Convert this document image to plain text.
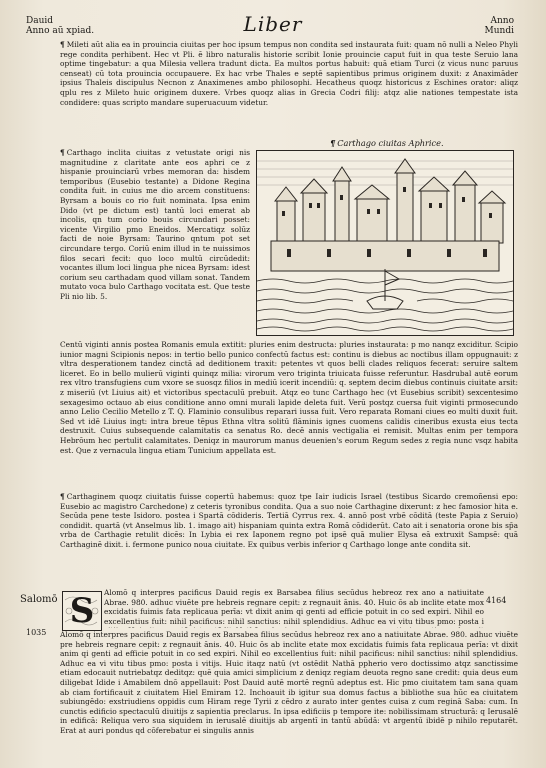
Dauid
Anno aū xpiad.	Liber	Anno
Mundi
¶ Mileti aūt alia ea in prouincia ciuitas per hoc ipsum tempus non condita sed instaurata fuit: quam nō nulli a Neleo Phyli rege condita perhibent. Hec vt Pli. ē libro naturalis historie scribit Ionie prouincie caput fuit in qua teste Seruio lana optime tingebatur: a qua Milesia vellera tradunt dicta. Ea multos portus habuit: quā etiam Turci (z vicus nunc paruus censeat) cū tota prouincia occupauere. Ex hac vrbe Thales e septē sapientibus primus originem duxit: z Anaximāder ipsius Thaleis discipulus Necnon z Anaximenes ambo philosophi. Hecatheus quoqz historicus z Eschines orator: aliqz qplu res z Mileto huic originem duxere. Vrbes quoqz alias in Grecia Codri filij: atqz alie nationes tempestate ista condidere: quas scripto mandare superuacuum videtur.
¶ Carthago ciuitas Aphrice.
¶ Carthago inclita ciuitas z vetustate origi nis magnitudine z claritate ante eos aphri ce z hispanie prouinciarū vrbes memoran da: hisdem temporibus (Eusebio testante) a Didone Regina condita fuit. in cuius me dio arcem constituens: Byrsam a bouis co rio fuit nominata. Ipsa enim Dido (vt pe dictum est) tantū loci emerat ab incolis, qn tum corio bouis circundari posset: vicente Virgilio pmo Eneidos. Mercatiqz solūz facti de noie Byrsam: Taurino qntum pot set circundare tergo. Coriū enim illud in te nuissimos filos secari fecit: quo loco multū circūdedit: vocantes illum loci lingua phe nicea Byrsam: idest corium seu carthadam quod villam sonat. Tandem mutato voca bulo Carthago vocitata est. Que teste Pli nio lib. 5.
Centū viginti annis postea Romanis emula extitit: pluries enim destructa: pluries instaurata: p mo nanqz exciditur. Scipio iunior magni Scipionis nepos: in tertio bello punico confectū factus est: continu is diebus ac noctibus illam oppugnauit: z vltra desperationem tandez cinctā ad deditionem traxit: petentes vt quos belli clades reliquos fecerat: seruire saltem liceret. Eo in bello mulierū viginti quinqz milia: virorum vero triginta triuicata fuisse referuntur. Hasdrubal autē eorum rex vltro transfugiens cum vxore se suosqz filios in mediū icerit incendiū: q. septem decim diebus continuis ciuitate arsit: z miseriū (vt Liuius ait) et victoribus spectaculū prebuit. Atqz eo tunc Carthago hec (vt Eusebius scribit) sexcentesimo sexagesimo octauo ab eius conditione anno omni murali lapide deleta fuit. Verū postqz cuersa fuit viginti prmosecundo anno Lelio Cecilio Metello z T. Q. Flaminio consulibus reparari iussa fuit. Vero reparata Romani ciues eo multi duxit fuit. Sed vt idē Liuius ingt: intra breue tēpus Ethna vltra solitū flāminis ignes cuomens calidis cineribus exusta eius tecta destruxit. Cuius subsequende calamitatis ca senatus Ro. decē annis vectigalia ei remisit. Multas enim per tempora Hebrōum hec pertulit calamitates. Deniqz in maurorum manus deuenien's eorum Regum sedes z regia nunc vsqz habita est. Que z vernacula lingua etiam Tunicium appellata est.
¶ Carthaginem quoqz ciuitatis fuisse copertū habemus: quoz tpe Iair iudicis Israel (testibus Sicardo cremoñensi epo: Eusebio ac magistro Carchedone) z ceteris tyronibus condita. Qua a suo noie Carthagine dixerunt: z hec famosior hita e. Secūda pene teste Isidoro. postea i Spartā cōdideris. Tertiā Cyrrus rex. 4. annō post vrbē cōditā (teste Papia z Seruio) condidit. quartā (vt Anselmus lib. 1. imago ait) hispaniam quinta extra Romā cōdiderūt. Cato ait i senatoria orone bis sp̄a vrba de Carthagie retulit dicēs: In Lybia ei rex Iaponem regno pot ipsē quā mulier Elysa eā extruxit Sampsē: quā Carthaginē dixit. i. fermone punico noua ciuitate. Ex quibus verbis inferior q Carthago longe ante condita sit.
Salomō
1035
4164
S	Alomō q interpres pacificus Dauid regis ex Barsabea filius secūdus hebreoz rex ano a natiuitate Abrae. 980. adhuc viuēte pre hebreis regnare cepit: z regnauit ānis. 40. Huic ōs ab inclite etate mox excidatis fuimis fata replicaua perīa: vt dixit anim qi genti ad efficie potuit in co sed expiri. Nihil eo excellentius fuit: nihil pacificus: nihil sanctius: nihil splendidius. Adhuc ea vi vitu tibus pmo: posta i
Alomō q interpres pacificus Dauid regis ex Barsabea filius secūdus hebreoz rex ano a natiuitate Abrae. 980. adhuc viuēte pre hebreis regnare cepit: z regnauit ānis. 40. Huic ōs ab inclite etate mox excidatis fuimis fata replicaua perīa: vt dixit anim qi genti ad efficie potuit in co sed expiri. Nihil eo excellentius fuit: nihil pacificus: nihil sanctius: nihil splendidius. Adhuc ea vi vitu tibus pmo: posta i vitijs. Huic itaqz natū (vt ostēdit Nathā ppherio vero doctissimo atqz sanctissime etiam edocauit nutriebatqz deditqz: quē quia amici simplicium z deniqz regiam deuota regno sane credit: quia deus eum diligebat Idide i Amabilem dnō appellauit: Post Dauid autē mortē regnū adeptus est. Hic pmo ciuitatem tam sana quam ab ciam fortificauit z ciuitatem Hiel Emiram 12. Inchoauit ib igitur sua domus factus a bibliothe sua hūc ea ciuitatem subiungēdo: exstriudiens oppidis cum Hiram rege Tyrii z cēdro z aurato inter gentes cuisa z cum reginā Saba: cum. In cunctis edificio spectaculū diuitijs z sapientia preclarus. In ipsa edificiis p tempore ite: nobilissimam structurā: q Ierusalē in edificā: Reliqua vero sua siquidem in ierusalē diuitijs ab argentī in tantū abūdā: vt argentū ibidē p nihilo reputarēt. Erat at auri pondus qd cōferebatur ei singulis annis
